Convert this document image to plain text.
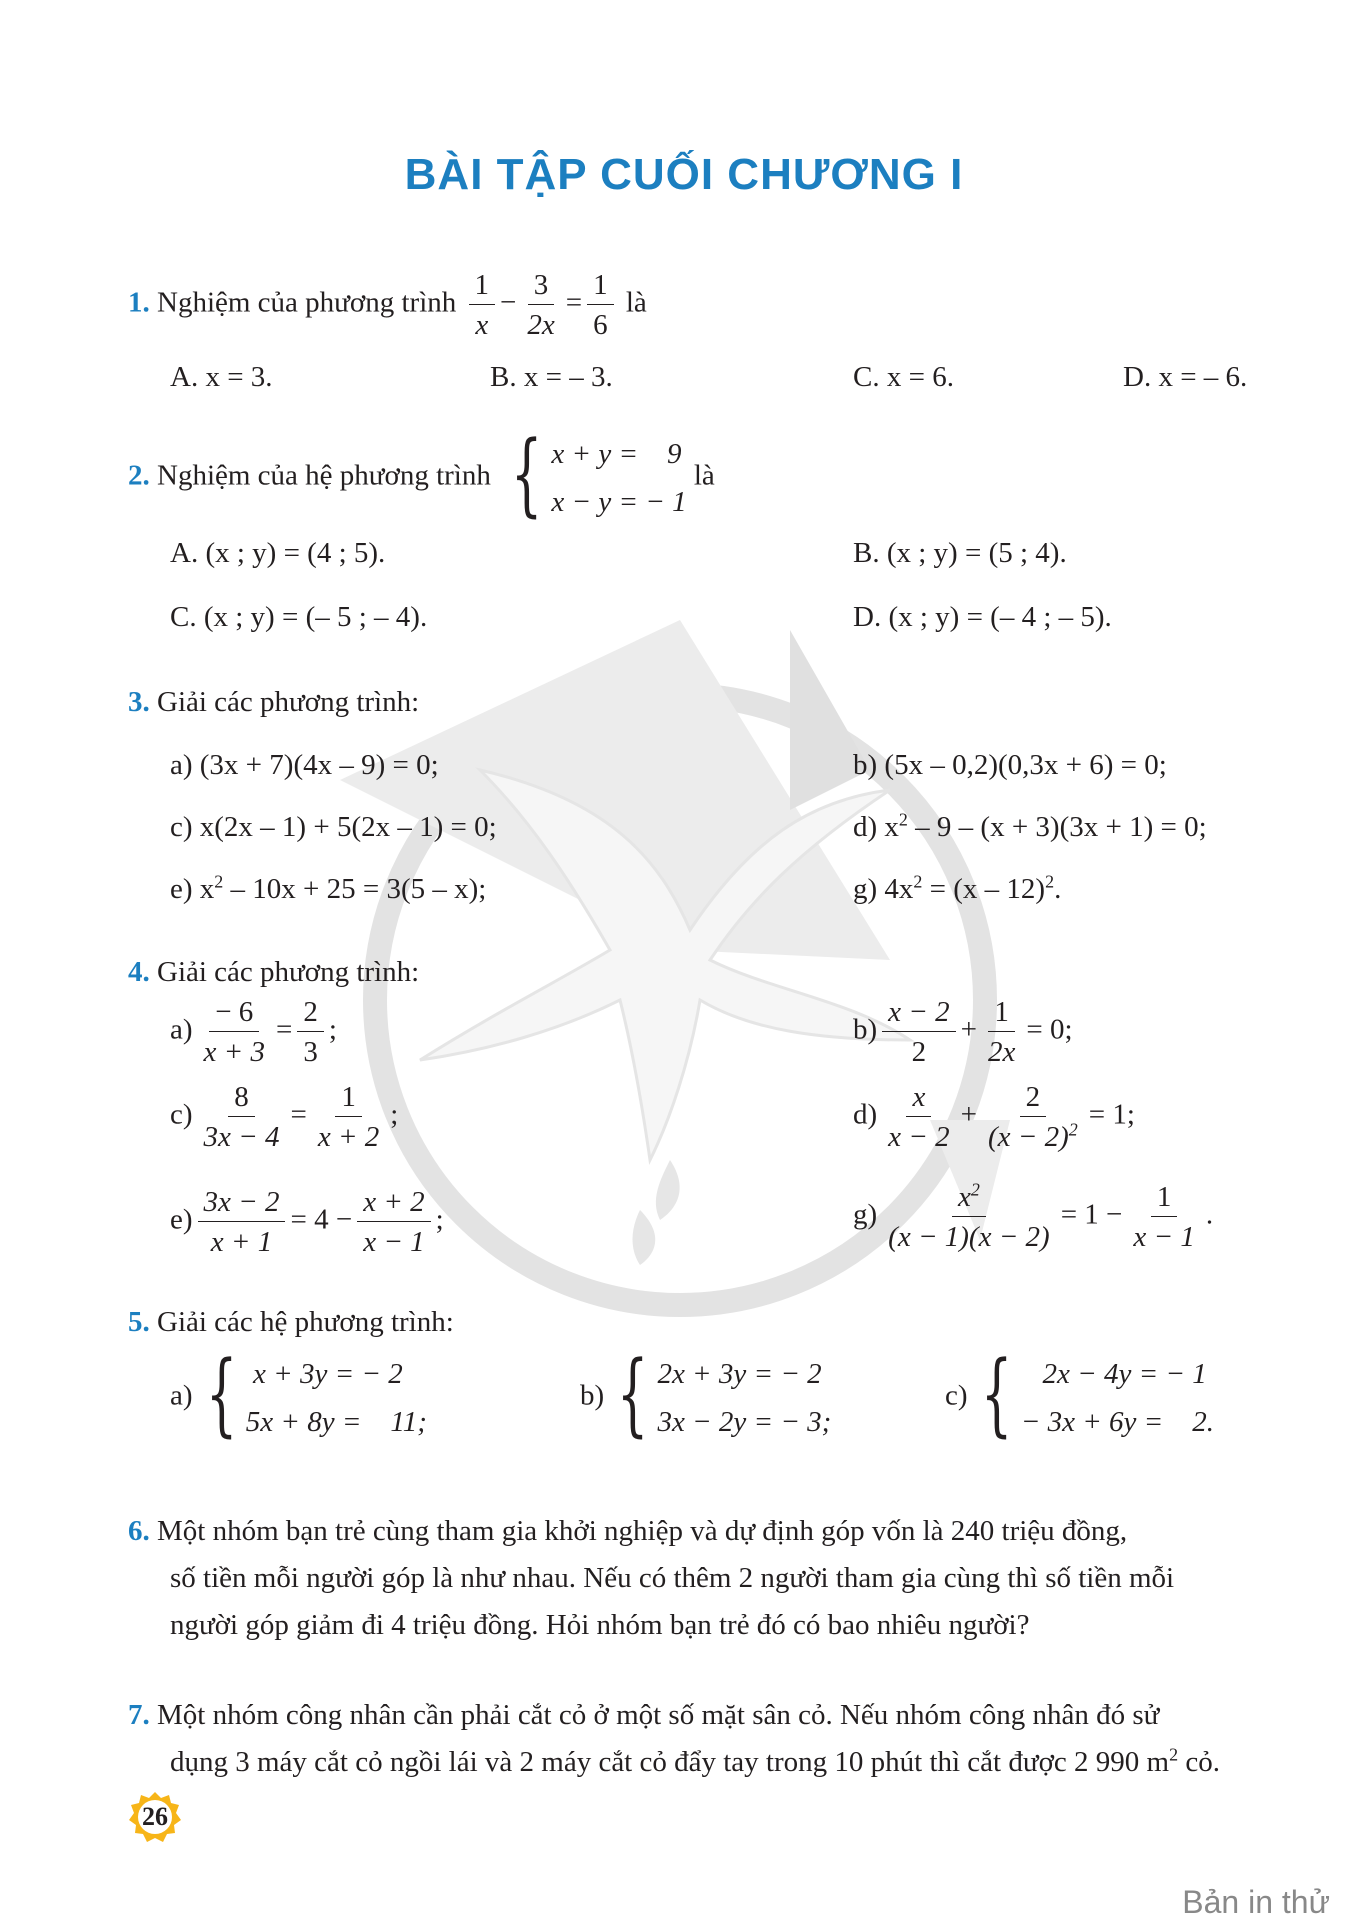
BÀI TẬP CUỐI CHƯƠNG I
1. Nghiệm của phương trình $\frac{1}{x} - \frac{3}{2x} = \frac{1}{6}$ là
A. x = 3.	B. x = – 3.	C. x = 6.	D. x = – 6.
2. Nghiệm của hệ phương trình { x + y =    9
x − y = − 1
là
A. (x ; y) = (4 ; 5).	B. (x ; y) = (5 ; 4).
C. (x ; y) = (– 5 ; – 4).	D. (x ; y) = (– 4 ; – 5).
3. Giải các phương trình:
a) (3x + 7)(4x – 9) = 0;	b) (5x – 0,2)(0,3x + 6) = 0;
c) x(2x – 1) + 5(2x – 1) = 0;	d) $x^2 - 9 - (x + 3)(3x + 1) = 0$;
e) $x^2 - 10x + 25 = 3(5 - x)$;	g) $4x^2 = (x - 12)^2$.
4. Giải các phương trình:
$a) \frac{- 6}{x + 3} = \frac{2}{3}$ ;	$b) \frac{x - 2}{2} + \frac{1}{2x} = 0$;
$c) \frac{8}{3x - 4} = \frac{1}{x + 2}$ ;	$d) \frac{x}{x - 2} + \frac{2}{(x - 2)^2} = 1$;
$e) \frac{3x - 2}{x + 1} = 4 - \frac{x + 2}{x - 1}$ ;	$g) \frac{x^2}{(x - 1)(x - 2)} = 1 - \frac{1}{x - 1}$ .
5. Giải các hệ phương trình:
a) { x + 3y = − 2
5x + 8y =    11;
b) { 2x + 3y = − 2
3x − 2y = − 3;
c) { 2x − 4y = − 1
− 3x + 6y =    2.
6. Một nhóm bạn trẻ cùng tham gia khởi nghiệp và dự định góp vốn là 240 triệu đồng,
số tiền mỗi người góp là như nhau. Nếu có thêm 2 người tham gia cùng thì số tiền mỗi
người góp giảm đi 4 triệu đồng. Hỏi nhóm bạn trẻ đó có bao nhiêu người?
7. Một nhóm công nhân cần phải cắt cỏ ở một số mặt sân cỏ. Nếu nhóm công nhân đó sử
dụng 3 máy cắt cỏ ngồi lái và 2 máy cắt cỏ đẩy tay trong 10 phút thì cắt được 2 990 $m^2$ cỏ.
26
Bản in thử
